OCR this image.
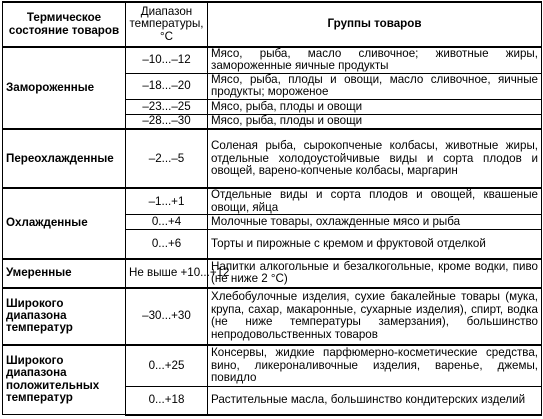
Термическое состояние товаров	Диапазон температуры, °С	Группы товаров
Замороженные	–10...–12	Мясо, рыба, масло сливочное; животные жиры, замороженные яичные продукты
	–18...–20	Мясо, рыба, плоды и овощи, масло сливочное, яичные продукты; мороженое
	–23...–25	Мясо, рыба, плоды и овощи
	–28...–30	Мясо, рыба, плоды и овощи
Переохлажденные	–2...–5	Соленая рыба, сырокопченые колбасы, животные жиры, отдельные холодоустойчивые виды и сорта плодов и овощей, варено-копченые колбасы, маргарин
Охлажденные	–1...+1	Отдельные виды и сорта плодов и овощей, квашеные овощи, яйца
	0...+4	Молочные товары, охлажденные мясо и рыба
	0...+6	Торты и пирожные с кремом и фруктовой отделкой
Умеренные	Не выше +10...+12	Напитки алкогольные и безалкогольные, кроме водки, пиво (не ниже 2 °С)
Широкого диапазона температур	–30...+30	Хлебобулочные изделия, сухие бакалейные товары (мука, крупа, сахар, макаронные, сухарные изделия), спирт, водка (не ниже температуры замерзания), большинство непродовольственных товаров
Широкого диапазона положительных температур	0...+25	Консервы, жидкие парфюмерно-косметические средства, вино, ликероналивочные изделия, варенье, джемы, повидло
	0...+18	Растительные масла, большинство кондитерских изделий
